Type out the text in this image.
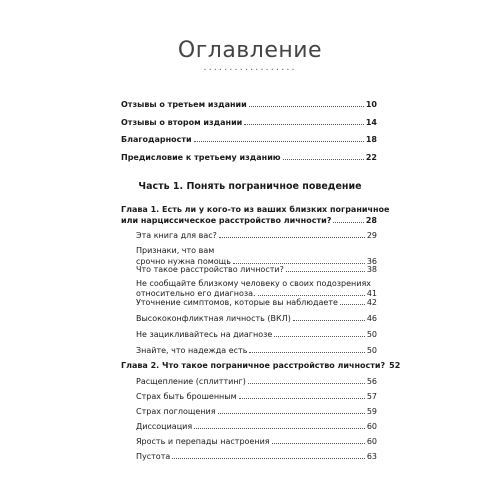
Оглавление
..................
Отзывы о третьем издании	10
Отзывы о втором издании	14
Благодарности	18
Предисловие к третьему изданию	22
Часть 1. Понять пограничное поведение
Глава 1. Есть ли у кого-то из ваших близких пограничное
или нарциссическое расстройство личности?	28
Эта книга для вас?	29
Признаки, что вам
срочно нужна помощь	36
Что такое расстройство личности?	38
Не сообщайте близкому человеку о своих подозрениях
относительно его диагноза.	41
Уточнение симптомов, которые вы наблюдаете	42
Высококонфликтная личность (ВКЛ)	46
Не зацикливайтесь на диагнозе	50
Знайте, что надежда есть	50
Глава 2. Что такое пограничное расстройство личности? 52
Расщепление (сплиттинг)	56
Страх быть брошенным	57
Страх поглощения	59
Диссоциация	60
Ярость и перепады настроения	60
Пустота	63
